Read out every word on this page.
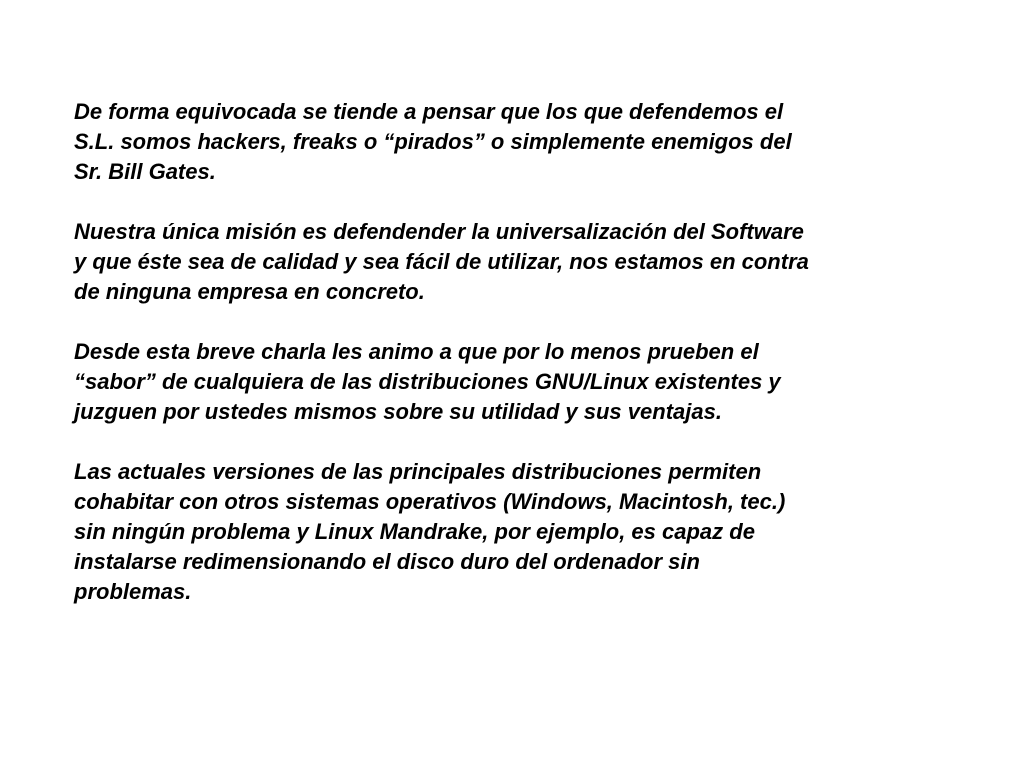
De forma equivocada se tiende a pensar que los que defendemos el
S.L. somos hackers, freaks o “pirados” o simplemente enemigos del
Sr. Bill Gates.

Nuestra única misión es defendender la universalización del Software
y que éste sea de calidad y sea fácil de utilizar, nos estamos en contra
de ninguna empresa en concreto.

Desde esta breve charla les animo a que por lo menos prueben el
“sabor” de cualquiera de las distribuciones GNU/Linux existentes y
juzguen por ustedes mismos sobre su utilidad y sus ventajas.

Las actuales versiones de las principales distribuciones permiten
cohabitar con otros sistemas operativos (Windows, Macintosh, tec.)
sin ningún problema y Linux Mandrake, por ejemplo, es capaz de
instalarse redimensionando el disco duro del ordenador sin
problemas.
